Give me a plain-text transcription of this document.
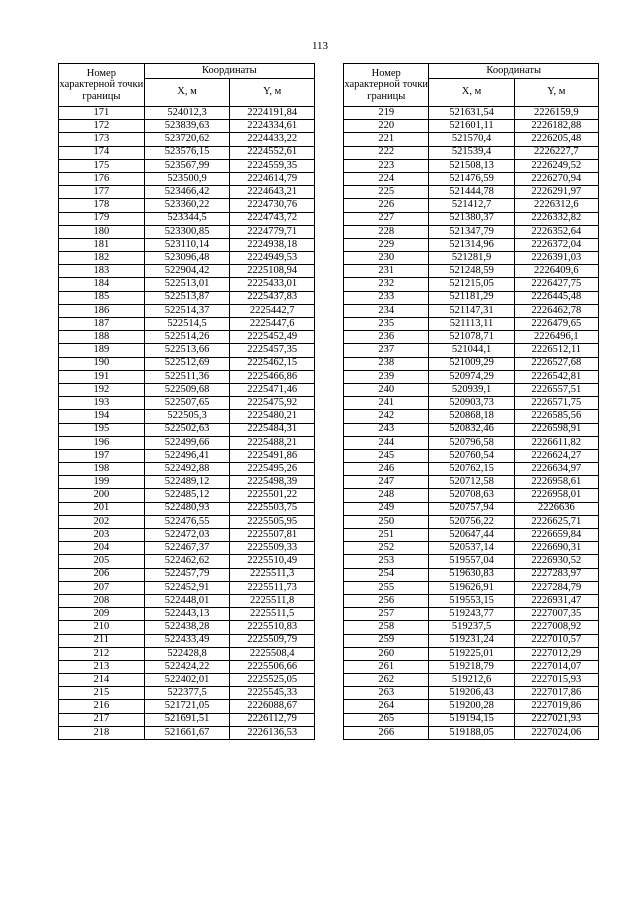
113
Номер характерной точки границы	Координаты	
	X, м	Y, м
171	524012,3	2224191,84
172	523839,63	2224334,61
173	523720,62	2224433,22
174	523576,15	2224552,61
175	523567,99	2224559,35
176	523500,9	2224614,79
177	523466,42	2224643,21
178	523360,22	2224730,76
179	523344,5	2224743,72
180	523300,85	2224779,71
181	523110,14	2224938,18
182	523096,48	2224949,53
183	522904,42	2225108,94
184	522513,01	2225433,01
185	522513,87	2225437,83
186	522514,37	2225442,7
187	522514,5	2225447,6
188	522514,26	2225452,49
189	522513,66	2225457,35
190	522512,69	2225462,15
191	522511,36	2225466,86
192	522509,68	2225471,46
193	522507,65	2225475,92
194	522505,3	2225480,21
195	522502,63	2225484,31
196	522499,66	2225488,21
197	522496,41	2225491,86
198	522492,88	2225495,26
199	522489,12	2225498,39
200	522485,12	2225501,22
201	522480,93	2225503,75
202	522476,55	2225505,95
203	522472,03	2225507,81
204	522467,37	2225509,33
205	522462,62	2225510,49
206	522457,79	2225511,3
207	522452,91	2225511,73
208	522448,01	2225511,8
209	522443,13	2225511,5
210	522438,28	2225510,83
211	522433,49	2225509,79
212	522428,8	2225508,4
213	522424,22	2225506,66
214	522402,01	2225525,05
215	522377,5	2225545,33
216	521721,05	2226088,67
217	521691,51	2226112,79
218	521661,67	2226136,53
Номер характерной точки границы	Координаты	
	X, м	Y, м
219	521631,54	2226159,9
220	521601,11	2226182,88
221	521570,4	2226205,48
222	521539,4	2226227,7
223	521508,13	2226249,52
224	521476,59	2226270,94
225	521444,78	2226291,97
226	521412,7	2226312,6
227	521380,37	2226332,82
228	521347,79	2226352,64
229	521314,96	2226372,04
230	521281,9	2226391,03
231	521248,59	2226409,6
232	521215,05	2226427,75
233	521181,29	2226445,48
234	521147,31	2226462,78
235	521113,11	2226479,65
236	521078,71	2226496,1
237	521044,1	2226512,11
238	521009,29	2226527,68
239	520974,29	2226542,81
240	520939,1	2226557,51
241	520903,73	2226571,75
242	520868,18	2226585,56
243	520832,46	2226598,91
244	520796,58	2226611,82
245	520760,54	2226624,27
246	520762,15	2226634,97
247	520712,58	2226958,61
248	520708,63	2226958,01
249	520757,94	2226636
250	520756,22	2226625,71
251	520647,44	2226659,84
252	520537,14	2226690,31
253	519557,04	2226930,52
254	519630,83	2227283,97
255	519626,91	2227284,79
256	519553,15	2226931,47
257	519243,77	2227007,35
258	519237,5	2227008,92
259	519231,24	2227010,57
260	519225,01	2227012,29
261	519218,79	2227014,07
262	519212,6	2227015,93
263	519206,43	2227017,86
264	519200,28	2227019,86
265	519194,15	2227021,93
266	519188,05	2227024,06
